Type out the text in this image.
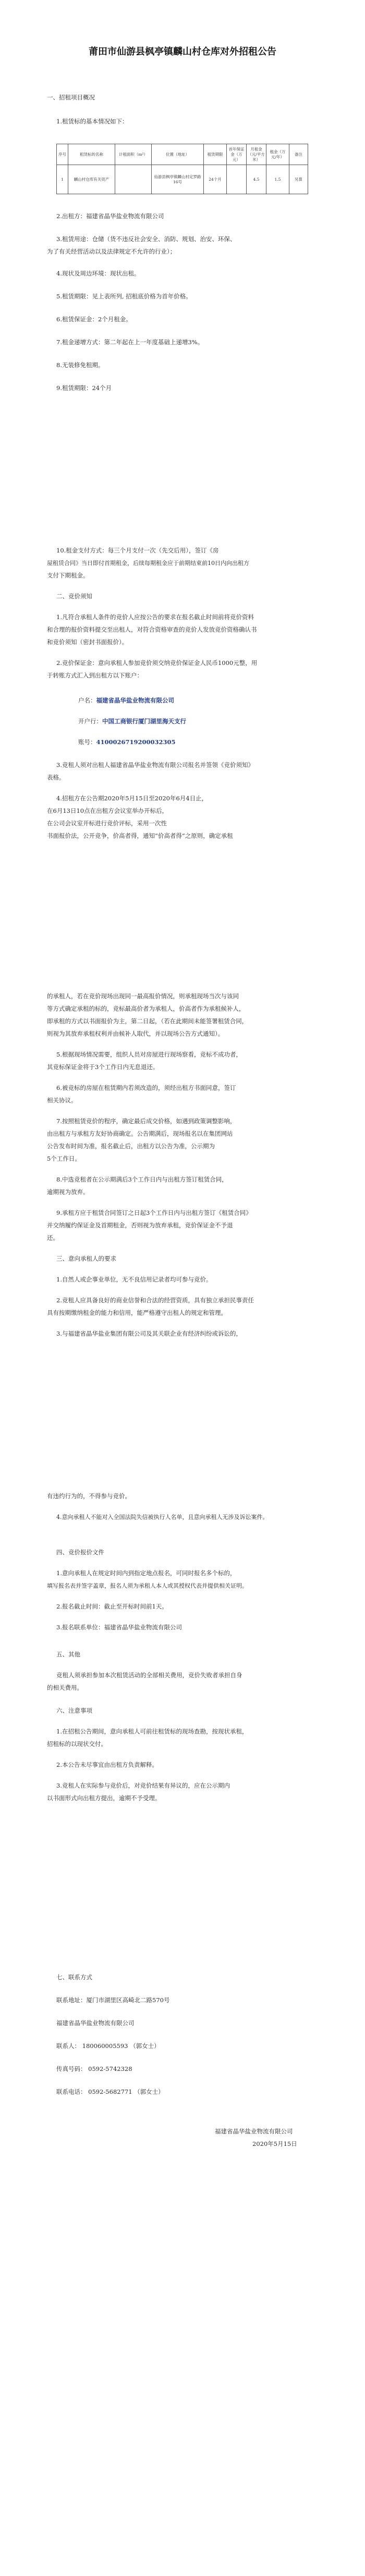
莆田市仙游县枫亭镇麟山村仓库对外招租公告
一、招租项目概况
1.租赁标的基本情况如下：
序号	租赁标的名称	计租面积（m²）	位置（地址）	租赁期限	首年保证金（万元）	月租金（元/平方米）	租金（万元/年）	备注
1	麟山村仓库有关资产		仙游县枫亭镇麟山村定罗路16号	24个月		4.5	1.5	另算
2.出租方：福建省晶华盐业物流有限公司
3.租赁用途：仓储（货不违反社会安全、消防、规划、治安、环保、
为了有关经营活动以及法律规定不允许的行业）；
4.现状及周边环境：现状出租。
5.租赁期限：见上表所列, 招租底价格为首年价格。
6.租赁保证金：2个月租金。
7.租金递增方式：第二年起在上一年度基础上递增3%。
8.无装修免租期。
9.租赁期限：24个月
10.租金支付方式：每三个月支付一次（先交后用），签订《房
屋租赁合同》当日即付首期租金，后续每期租金应于前期结束前10日内向出租方
支付下期租金。
二、竞价须知
1.凡符合承租人条件的竞价人应按公告的要求在报名截止时间前将竞价资料
和合理的报价资料提交至出租人，对符合资格审查的竞价人发放竞价资格确认书
和竞价须知（密封书面报价）。
2.竞价保证金：意向承租人参加竞价须交纳竞价保证金人民币1000元整，用
于转账方式汇入到出租方以下账户：
户名：福建省晶华盐业物流有限公司
开户行：中国工商银行厦门湖里海天支行
账号：4100026719200032305
3.竞租人须对出租人福建省晶华盐业物流有限公司报名并签领《竞价须知》
表格。
4.招租方在公告期2020年5月15日至2020年6月4日止，
在6月13日10点在出租方会议室举办开标后，
在公司会议室开标进行竞价评标，采用一次性
书面报价法，公开竞争，价高者得，通知“价高者得”之原则，确定承租
的承租人，若在竞价现场出现同一最高报价情况，则承租现场当次与该同
等方式确定承租的标的，竞标最高价者为承租人，价高者作为承租候补人，
即承租的方式以书面报价为主，第二日起，（若在此期间未能签署租赁合同，
则视为其放弃承租权利并由候补人取代，并以现场公告方式通知）。
5.根据现场情况需要，组织人员对房屋进行现场察看，竞标不成功者，
其竞标保证金将于3个工作日内无息退还。
6.被竞标的房屋在租赁期内若须改造的，须经出租方书面同意，签订
相关协议。
7.按照租赁竞价的程序，确定最后成交价格，如遇到政策调整影响，
由出租方与承租方友好协商确定。公告期满后，现场报名以在集团网站
公告发布时间为准，报名截止后，出租方以公告为准，公示期为
5个工作日。
8.中选竞租者在公示期满后3个工作日内与出租方签订租赁合同，
逾期视为放弃。
9.承租方应于租赁合同签订之日起3个工作日内与出租方签订《租赁合同》
并交纳履约保证金及首期租金，否则视为放弃承租，竞价保证金不予退
还。
三、意向承租人的要求
1.自然人或企事业单位，无不良信用记录者均可参与竞价。
2.竞租人应具备良好的商业信誉和合法的经营资质，具有独立承担民事责任
具有按期缴纳租金的能力和信用，能严格遵守出租人的规定和管理。
3.与福建省晶华盐业集团有限公司及其关联企业有经济纠纷或诉讼的，
有违约行为的，不得参与竞价。
4.意向承租人不能对入全国法院失信被执行人名单，且意向承租人无涉及诉讼案件。
四、竞价报价文件
1.意向承租人在规定时间内到指定地点报名，可同时报名多个标的，
填写报名表并签字盖章，报名人须为承租人本人或其授权代表并提供相关证明。
2.报名截止时间：截止至开标时间前1天。
3.报名联系单位：福建省晶华盐业物流有限公司
五、其他
竞租人须承担参加本次租赁活动的全部相关费用，竞价失败者承担自身
的相关费用。
六、注意事项
1.在招租公告期间，意向承租人可前往租赁标的现场查勘，按现状承租，
招租标的以现状交付。
2.本公告未尽事宜由出租方负责解释。
3.竞租人在实际参与竞价后，对竞价结果有异议的，应在公示期内
以书面形式向出租方提出，逾期不予受理。
七、联系方式
联系地址：厦门市湖里区高崎北二路570号
福建省晶华盐业物流有限公司
联系人： 180060005593 （郭女士）
传真号码： 0592-5742328
联系电话： 0592-5682771 （郭女士）
福建省晶华盐业物流有限公司
2020年5月15日
